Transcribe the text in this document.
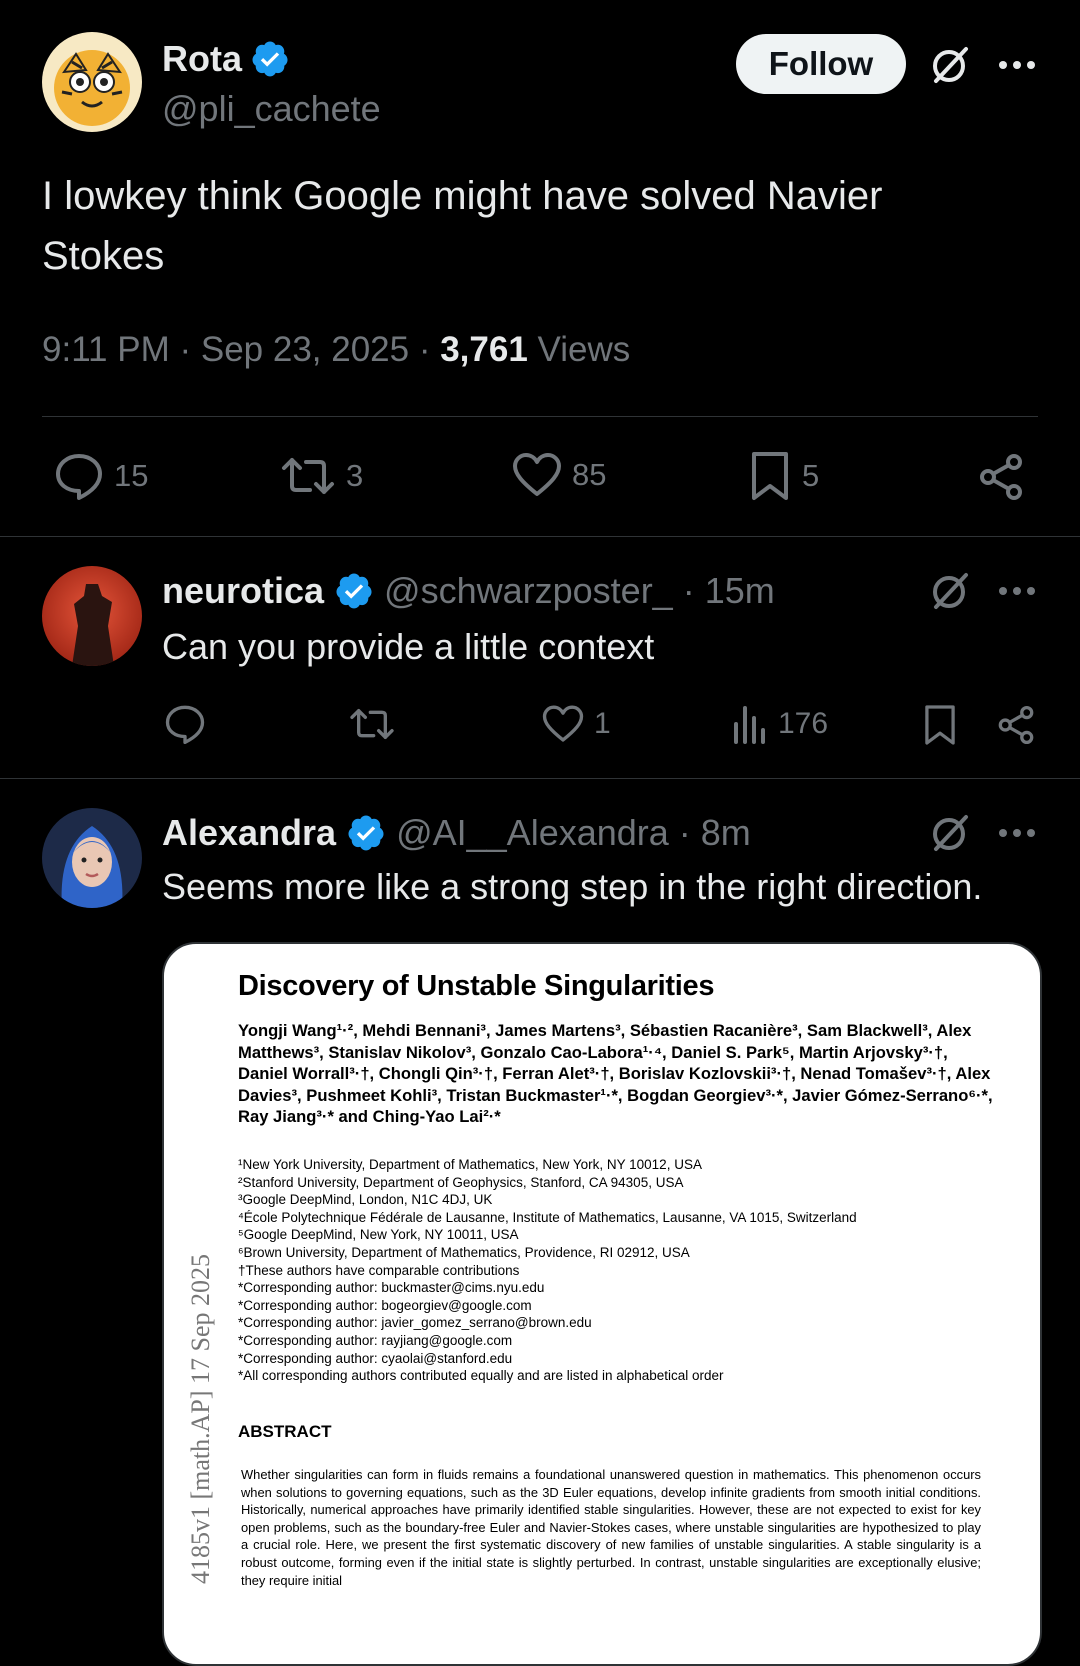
Rota
@pli_cachete
Follow
I lowkey think Google might have solved Navier Stokes
9:11 PM · Sep 23, 2025 · 3,761 Views
15	3	85	5
neurotica @schwarzposter_ · 15m
Can you provide a little context
1	176
Alexandra @AI__Alexandra · 8m
Seems more like a strong step in the right direction.
Discovery of Unstable Singularities
Yongji Wang¹·², Mehdi Bennani³, James Martens³, Sébastien Racanière³, Sam Blackwell³, Alex Matthews³, Stanislav Nikolov³, Gonzalo Cao-Labora¹·⁴, Daniel S. Park⁵, Martin Arjovsky³·†, Daniel Worrall³·†, Chongli Qin³·†, Ferran Alet³·†, Borislav Kozlovskii³·†, Nenad Tomašev³·†, Alex Davies³, Pushmeet Kohli³, Tristan Buckmaster¹·*, Bogdan Georgiev³·*, Javier Gómez-Serrano⁶·*, Ray Jiang³·* and Ching-Yao Lai²·*
¹New York University, Department of Mathematics, New York, NY 10012, USA
²Stanford University, Department of Geophysics, Stanford, CA 94305, USA
³Google DeepMind, London, N1C 4DJ, UK
⁴École Polytechnique Fédérale de Lausanne, Institute of Mathematics, Lausanne, VA 1015, Switzerland
⁵Google DeepMind, New York, NY 10011, USA
⁶Brown University, Department of Mathematics, Providence, RI 02912, USA
†These authors have comparable contributions
*Corresponding author: buckmaster@cims.nyu.edu
*Corresponding author: bogeorgiev@google.com
*Corresponding author: javier_gomez_serrano@brown.edu
*Corresponding author: rayjiang@google.com
*Corresponding author: cyaolai@stanford.edu
*All corresponding authors contributed equally and are listed in alphabetical order
ABSTRACT
Whether singularities can form in fluids remains a foundational unanswered question in mathematics. This phenomenon occurs when solutions to governing equations, such as the 3D Euler equations, develop infinite gradients from smooth initial conditions. Historically, numerical approaches have primarily identified stable singularities. However, these are not expected to exist for key open problems, such as the boundary-free Euler and Navier-Stokes cases, where unstable singularities are hypothesized to play a crucial role. Here, we present the first systematic discovery of new families of unstable singularities. A stable singularity is a robust outcome, forming even if the initial state is slightly perturbed. In contrast, unstable singularities are exceptionally elusive; they require initial
4185v1 [math.AP] 17 Sep 2025
